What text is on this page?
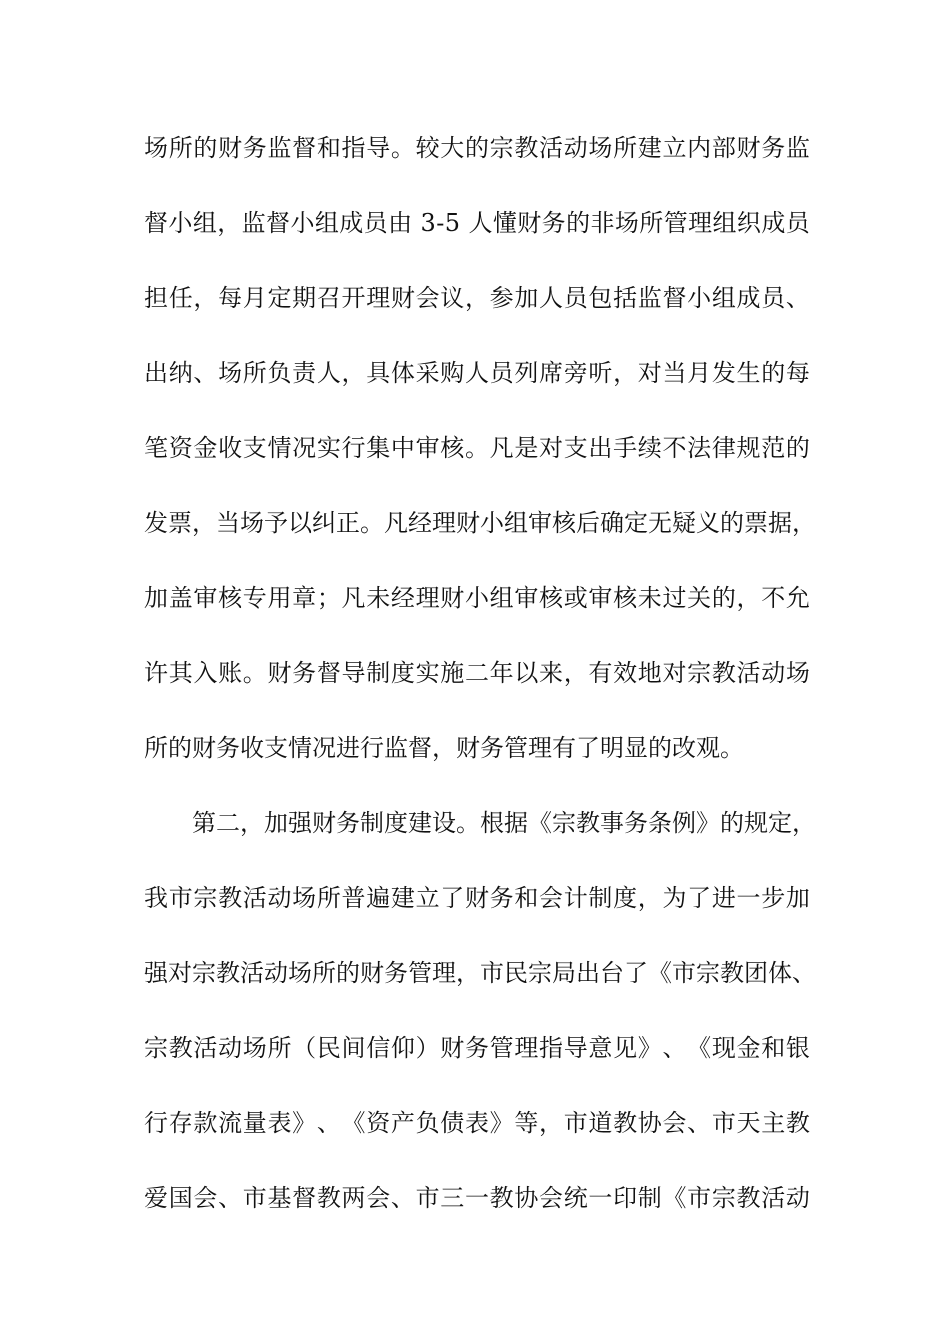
场 所 的 财 务 监 督 和 指 导 。 较 大 的 宗 教 活 动 场 所 建 立 内 部 财 务 监
督 小 组 ， 监 督 小 组 成 员 由
3 - 5
人 懂 财 务 的 非 场 所 管 理 组 织 成 员
担 任 ， 每 月 定 期 召 开 理 财 会 议 ， 参 加 人 员 包 括 监 督 小 组 成 员 、
出 纳 、 场 所 负 责 人 ， 具 体 采 购 人 员 列 席 旁 听 ， 对 当 月 发 生 的 每
笔 资 金 收 支 情 况 实 行 集 中 审 核 。 凡 是 对 支 出 手 续 不 法 律 规 范 的
发 票 ， 当 场 予 以 纠 正 。 凡 经 理 财 小 组 审 核 后 确 定 无 疑 义 的 票 据 ，
加 盖 审 核 专 用 章 ； 凡 未 经 理 财 小 组 审 核 或 审 核 未 过 关 的 ， 不 允
许 其 入 账 。 财 务 督 导 制 度 实 施 二 年 以 来 ， 有 效 地 对 宗 教 活 动 场
所的财务收支情况进行监督，财务管理有了明显的改观。
第 二 ， 加 强 财 务 制 度 建 设 。 根 据 《 宗 教 事 务 条 例 》 的 规 定 ，
我 市 宗 教 活 动 场 所 普 遍 建 立 了 财 务 和 会 计 制 度 ， 为 了 进 一 步 加
强 对 宗 教 活 动 场 所 的 财 务 管 理 ， 市 民 宗 局 出 台 了 《 市 宗 教 团 体 、
宗 教 活 动 场 所 （ 民 间 信 仰 ） 财 务 管 理 指 导 意 见 》 、 《 现 金 和 银
行 存 款 流 量 表 》 、 《 资 产 负 债 表 》 等 ， 市 道 教 协 会 、 市 天 主 教
爱 国 会 、 市 基 督 教 两 会 、 市 三 一 教 协 会 统 一 印 制 《 市 宗 教 活 动
